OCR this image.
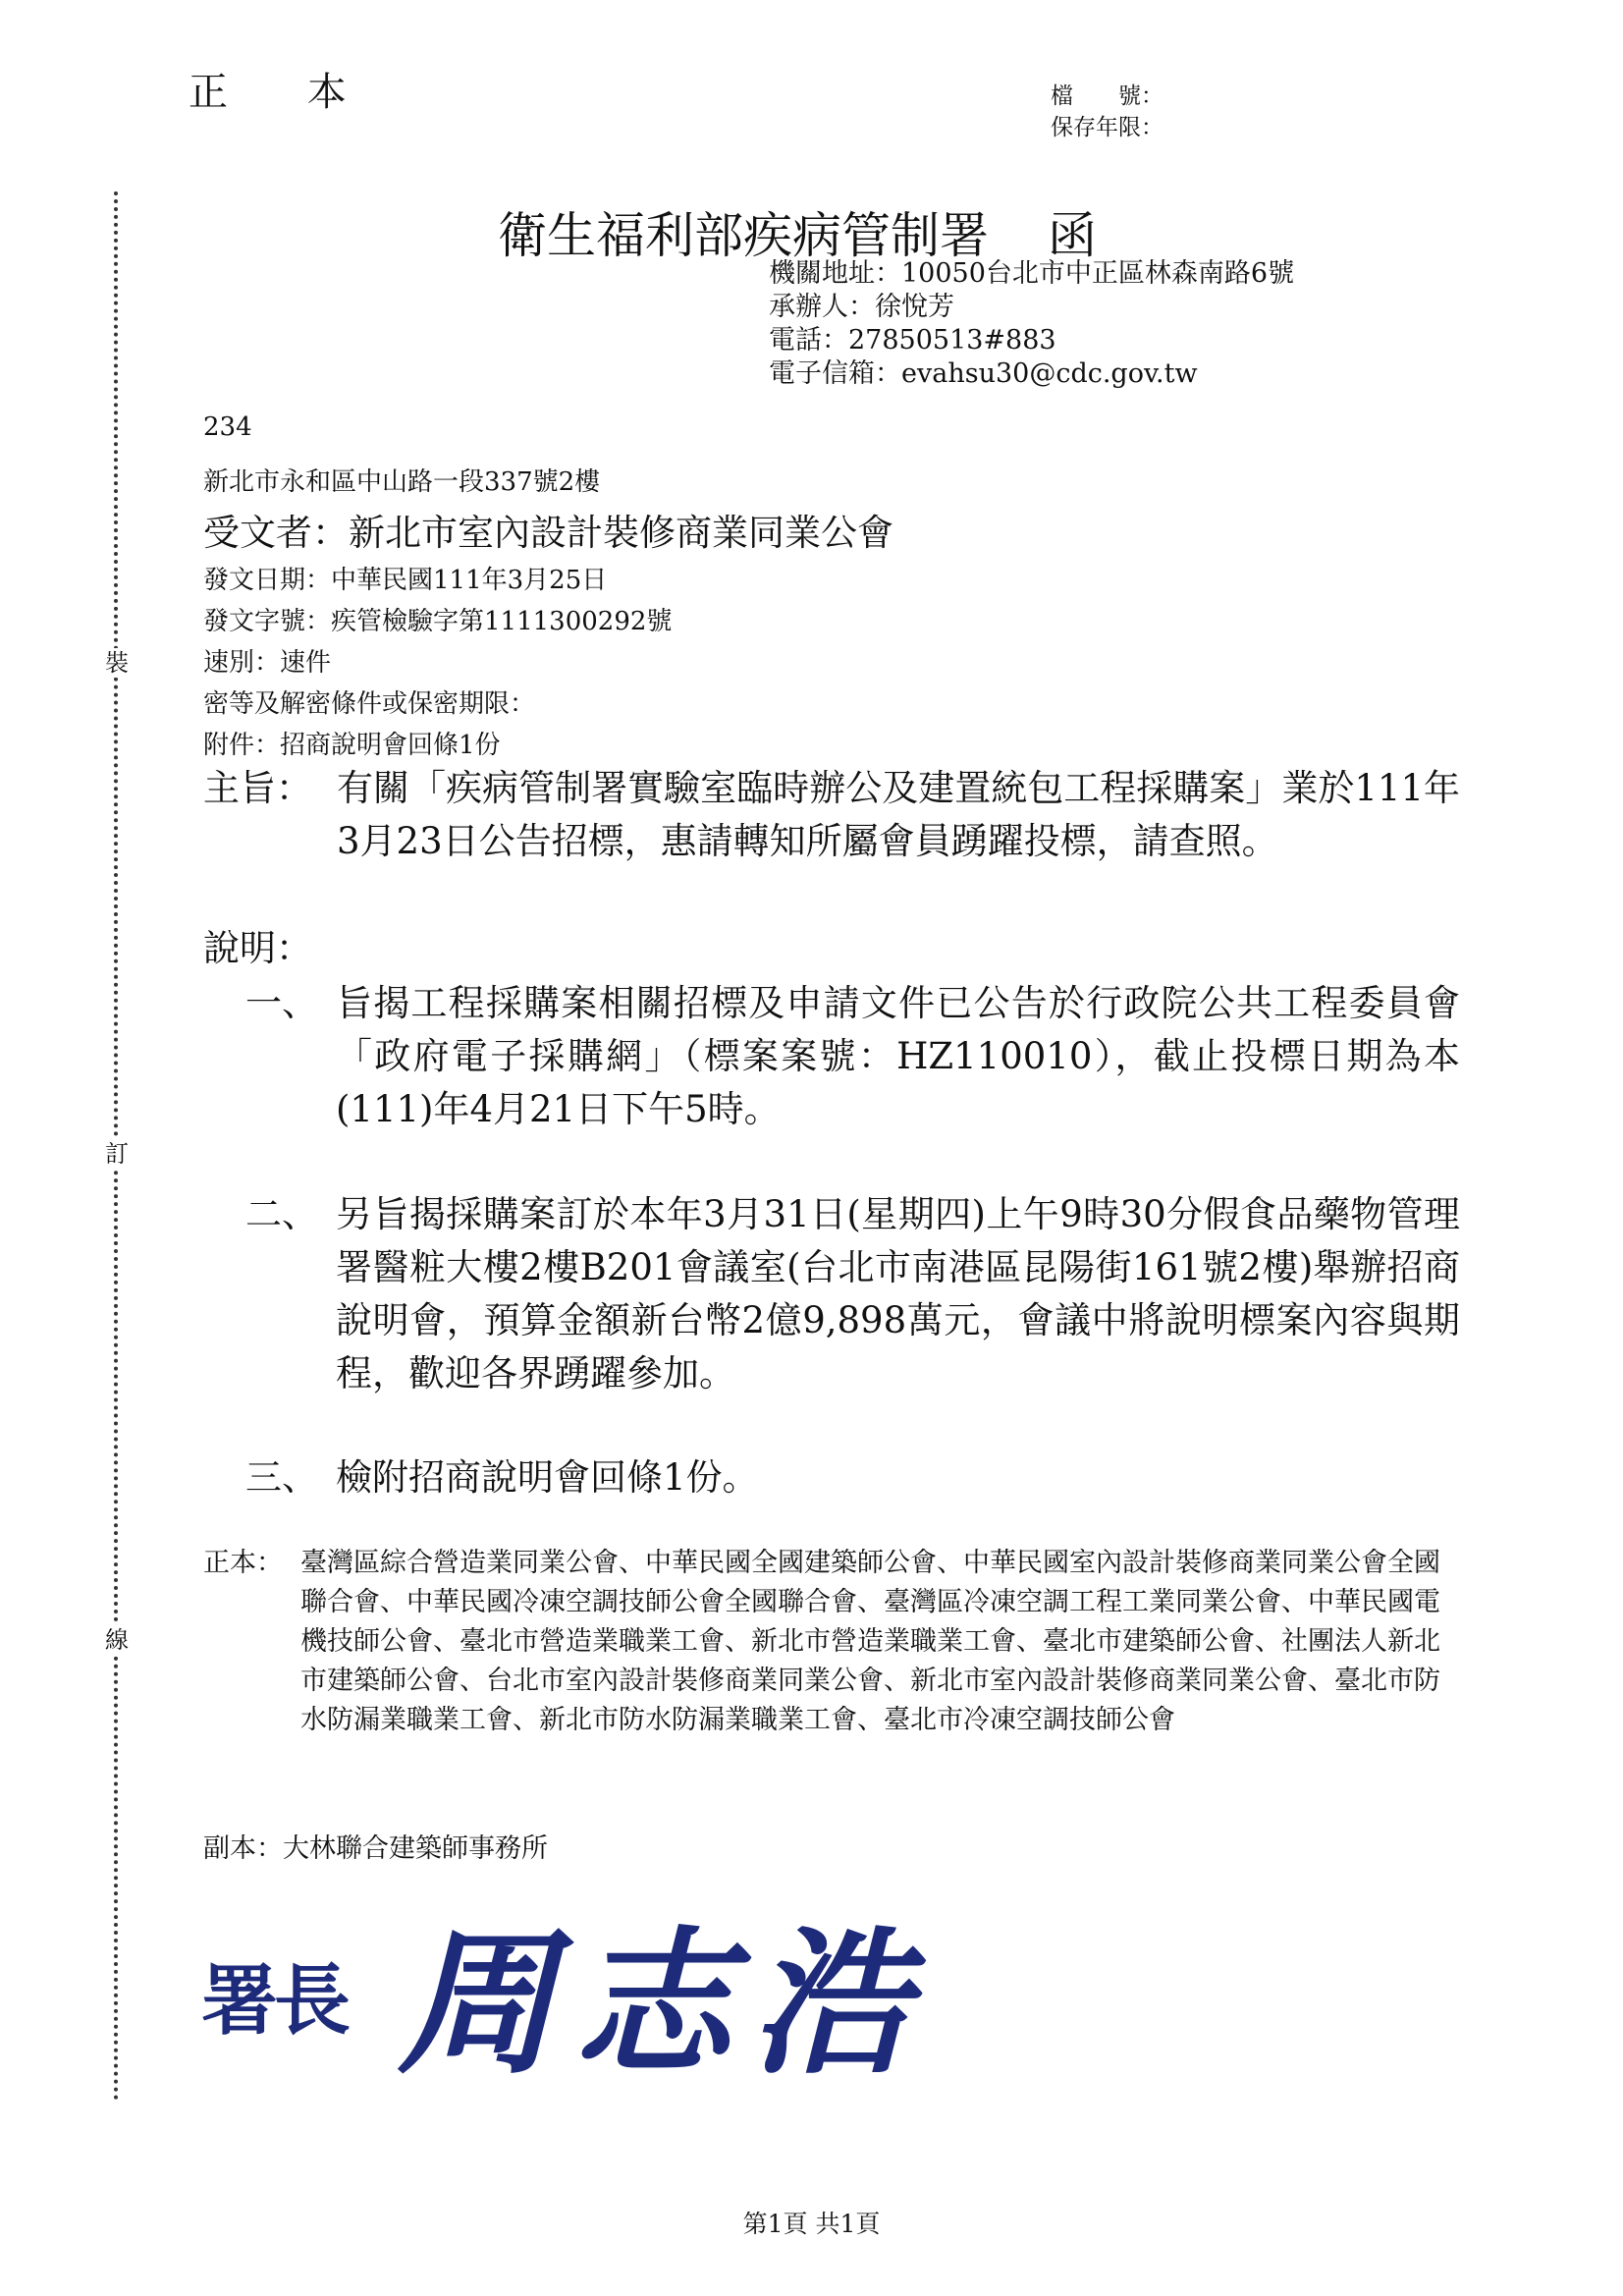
正 本	檔　　號：
保存年限：
裝
訂
線
衛生福利部疾病管制署 函
機關地址：10050台北市中正區林森南路6號
承辦人：徐悅芳
電話：27850513#883
電子信箱：evahsu30@cdc.gov.tw
234
新北市永和區中山路一段337號2樓
受文者：新北市室內設計裝修商業同業公會
發文日期：中華民國111年3月25日
發文字號：疾管檢驗字第1111300292號
速別：速件
密等及解密條件或保密期限：
附件：招商說明會回條1份
主旨： 有關「疾病管制署實驗室臨時辦公及建置統包工程採購案」業於111年3月23日公告招標，惠請轉知所屬會員踴躍投標，請查照。
說明：
一、 旨揭工程採購案相關招標及申請文件已公告於行政院公共工程委員會「政府電子採購網」（標案案號：HZ110010），截止投標日期為本(111)年4月21日下午5時。
二、 另旨揭採購案訂於本年3月31日(星期四)上午9時30分假食品藥物管理署醫粧大樓2樓B201會議室(台北市南港區昆陽街161號2樓)舉辦招商說明會，預算金額新台幣2億9,898萬元，會議中將說明標案內容與期程，歡迎各界踴躍參加。
三、 檢附招商說明會回條1份。
正本： 臺灣區綜合營造業同業公會、中華民國全國建築師公會、中華民國室內設計裝修商業同業公會全國聯合會、中華民國冷凍空調技師公會全國聯合會、臺灣區冷凍空調工程工業同業公會、中華民國電機技師公會、臺北市營造業職業工會、新北市營造業職業工會、臺北市建築師公會、社團法人新北市建築師公會、台北市室內設計裝修商業同業公會、新北市室內設計裝修商業同業公會、臺北市防水防漏業職業工會、新北市防水防漏業職業工會、臺北市冷凍空調技師公會
副本：大林聯合建築師事務所
署長 周志浩
第1頁 共1頁
